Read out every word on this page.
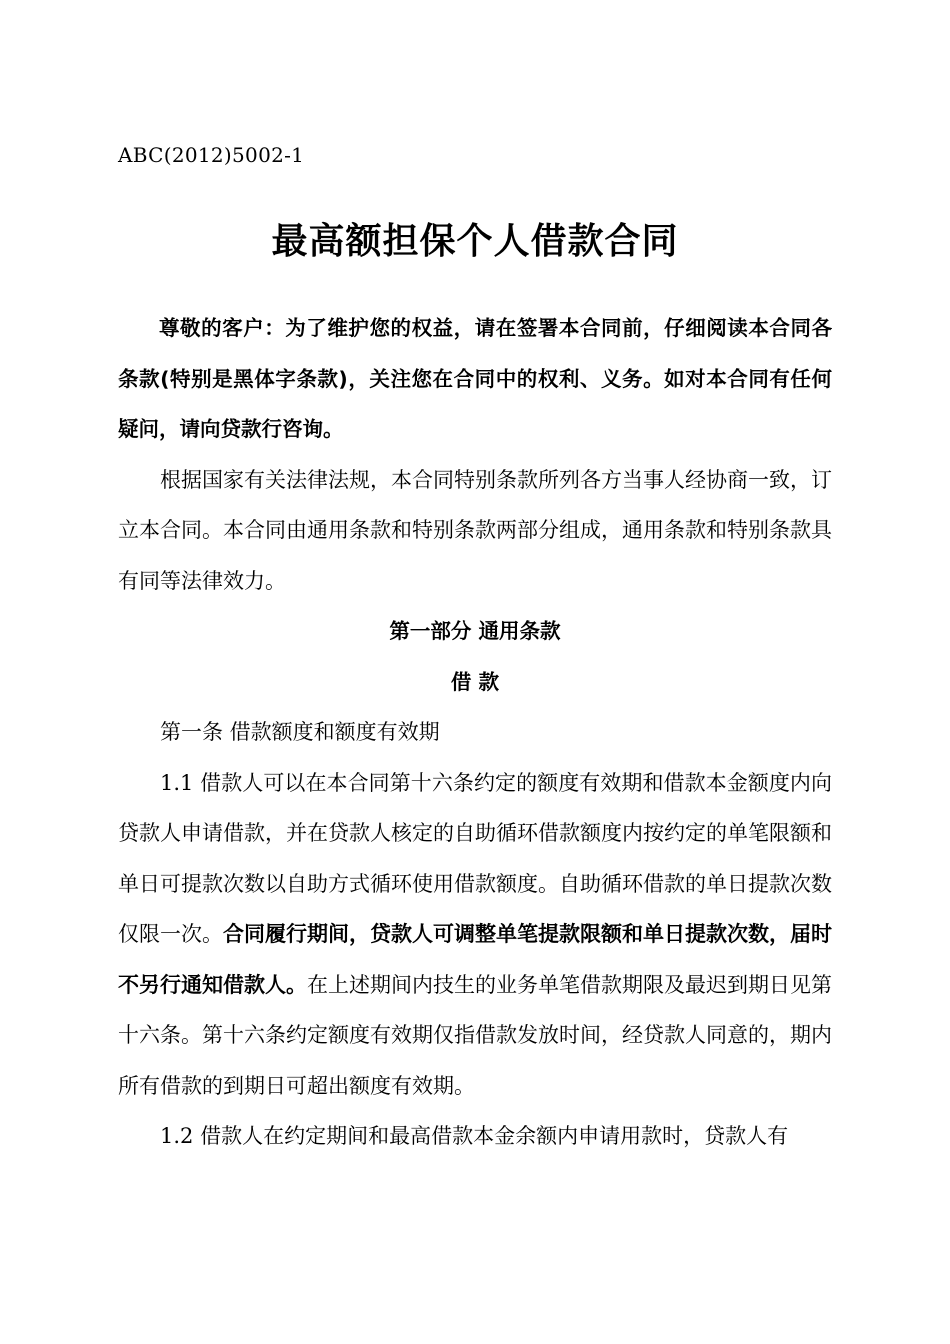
ABC(2012)5002-1
最高额担保个人借款合同

尊敬的客户：为了维护您的权益，请在签署本合同前，仔细阅读本合同各条款(特别是黑体字条款)，关注您在合同中的权利、义务。如对本合同有任何疑问，请向贷款行咨询。

根据国家有关法律法规，本合同特别条款所列各方当事人经协商一致，订立本合同。本合同由通用条款和特别条款两部分组成，通用条款和特别条款具有同等法律效力。

第一部分 通用条款

借 款

第一条 借款额度和额度有效期

1.1 借款人可以在本合同第十六条约定的额度有效期和借款本金额度内向贷款人申请借款，并在贷款人核定的自助循环借款额度内按约定的单笔限额和单日可提款次数以自助方式循环使用借款额度。自助循环借款的单日提款次数仅限一次。合同履行期间，贷款人可调整单笔提款限额和单日提款次数，届时不另行通知借款人。在上述期间内技生的业务单笔借款期限及最迟到期日见第十六条。第十六条约定额度有效期仅指借款发放时间，经贷款人同意的，期内所有借款的到期日可超出额度有效期。

1.2 借款人在约定期间和最高借款本金余额内申请用款时，贷款人有
